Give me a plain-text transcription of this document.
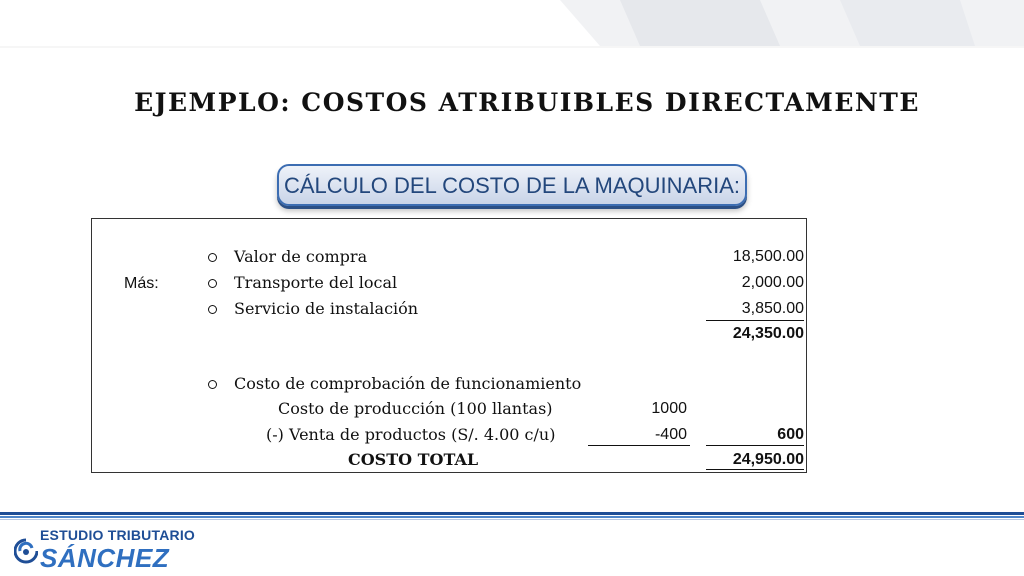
EJEMPLO: COSTOS ATRIBUIBLES DIRECTAMENTE
CÁLCULO DEL COSTO DE LA MAQUINARIA:
Más:
Valor de compra	18,500.00
Transporte del local	2,000.00
Servicio de instalación	3,850.00
24,350.00
Costo de comprobación de funcionamiento
Costo de producción (100 llantas)	1000
(-) Venta de productos (S/. 4.00 c/u)	-400	600
COSTO TOTAL	24,950.00
ESTUDIO TRIBUTARIO
SÁNCHEZ
